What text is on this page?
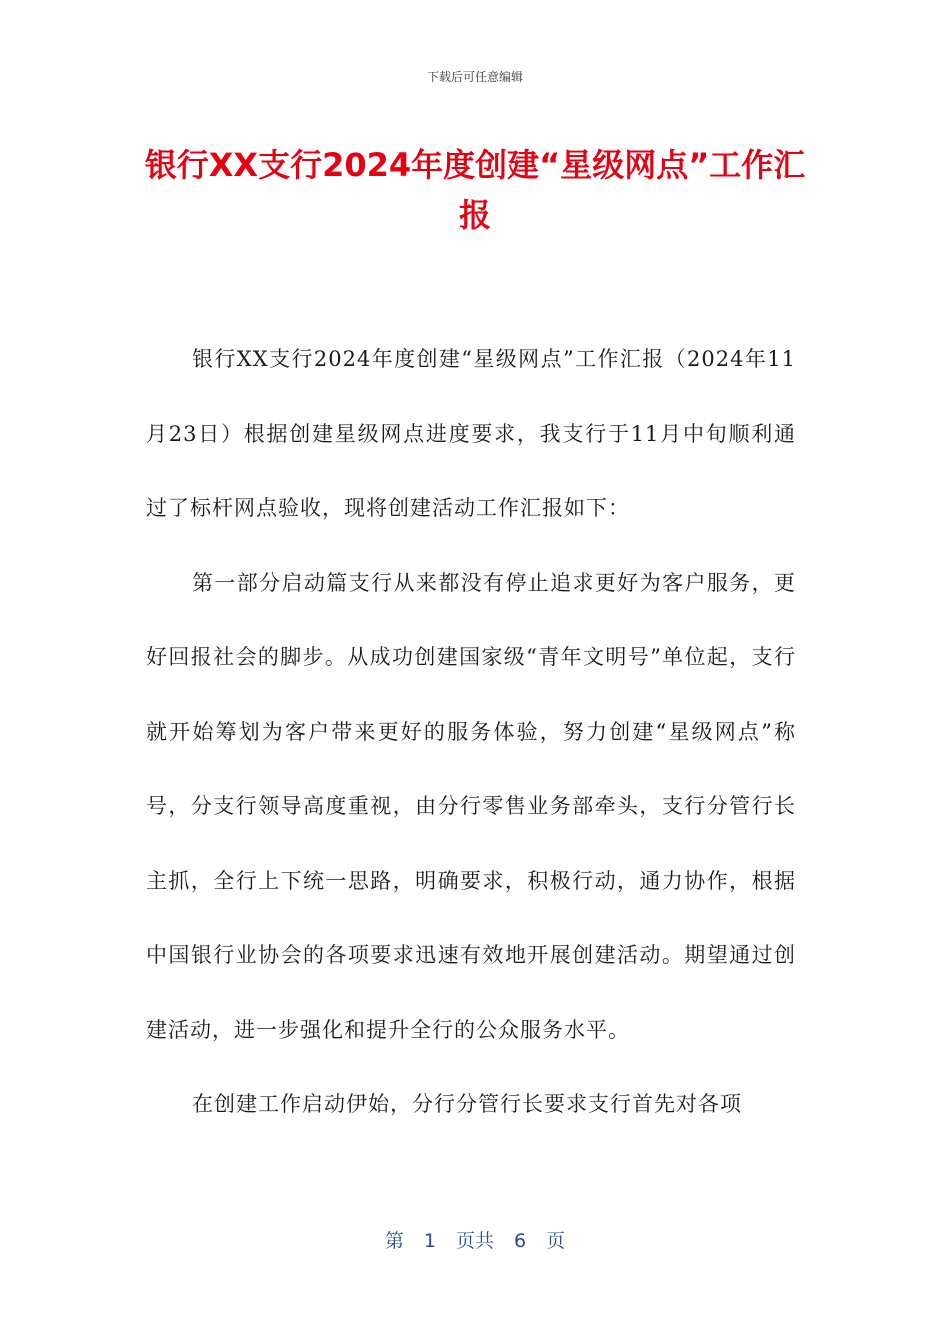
下载后可任意编辑
银行XX支行2024年度创建“星级网点”工作汇报

银行XX支行2024年度创建“星级网点”工作汇报（2024年11月23日）根据创建星级网点进度要求，我支行于11月中旬顺利通过了标杆网点验收，现将创建活动工作汇报如下：

第一部分启动篇支行从来都没有停止追求更好为客户服务，更好回报社会的脚步。从成功创建国家级“青年文明号”单位起，支行就开始筹划为客户带来更好的服务体验，努力创建“星级网点”称号，分支行领导高度重视，由分行零售业务部牵头，支行分管行长主抓，全行上下统一思路，明确要求，积极行动，通力协作，根据中国银行业协会的各项要求迅速有效地开展创建活动。期望通过创建活动，进一步强化和提升全行的公众服务水平。

在创建工作启动伊始，分行分管行长要求支行首先对各项

第 1 页共 6 页
